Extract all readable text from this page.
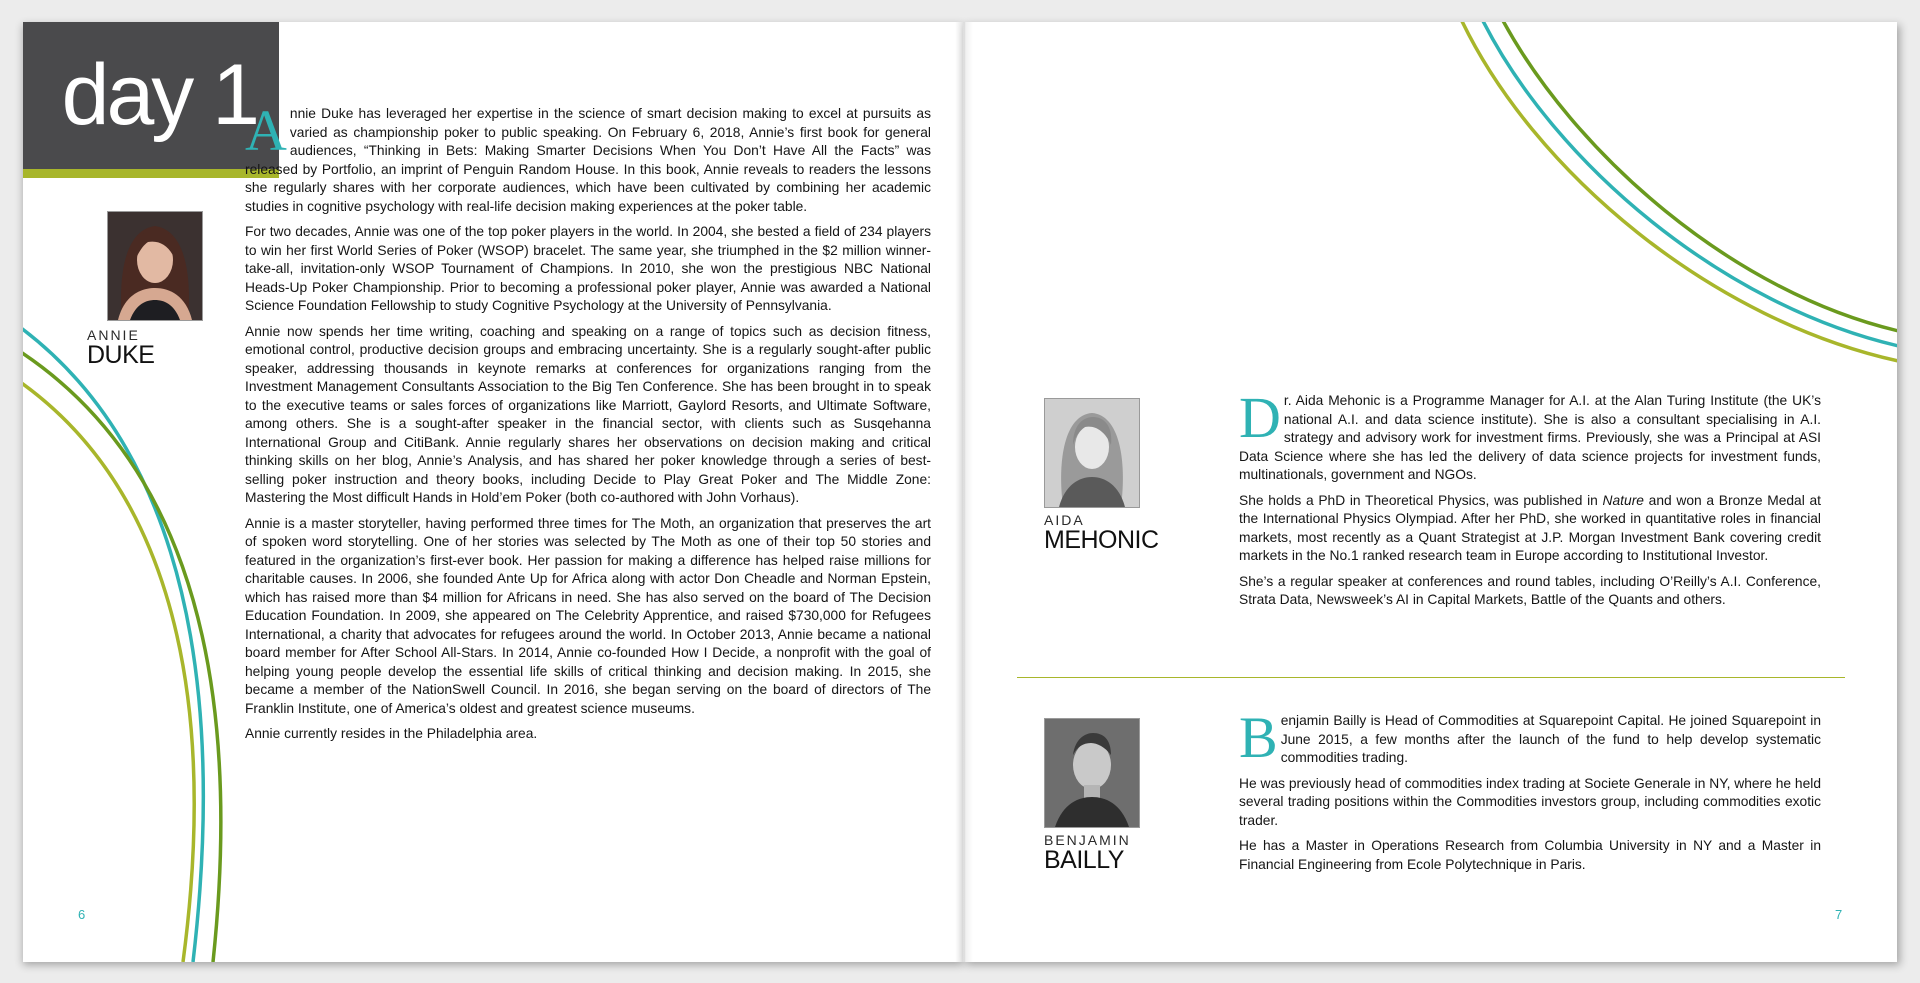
day 1
ANNIE
DUKE

Annie Duke has leveraged her expertise in the science of smart decision making to excel at pursuits as varied as championship poker to public speaking. On February 6, 2018, Annie’s first book for general audiences, “Thinking in Bets: Making Smarter Decisions When You Don’t Have All the Facts” was released by Portfolio, an imprint of Penguin Random House. In this book, Annie reveals to readers the lessons she regularly shares with her corporate audiences, which have been cultivated by combining her academic studies in cognitive psychology with real-life decision making experiences at the poker table.

For two decades, Annie was one of the top poker players in the world. In 2004, she bested a field of 234 players to win her first World Series of Poker (WSOP) bracelet. The same year, she triumphed in the $2 million winner-take-all, invitation-only WSOP Tournament of Champions. In 2010, she won the prestigious NBC National Heads-Up Poker Championship. Prior to becoming a professional poker player, Annie was awarded a National Science Foundation Fellowship to study Cognitive Psychology at the University of Pennsylvania.

Annie now spends her time writing, coaching and speaking on a range of topics such as decision fitness, emotional control, productive decision groups and embracing uncertainty. She is a regularly sought-after public speaker, addressing thousands in keynote remarks at conferences for organizations ranging from the Investment Management Consultants Association to the Big Ten Conference. She has been brought in to speak to the executive teams or sales forces of organizations like Marriott, Gaylord Resorts, and Ultimate Software, among others. She is a sought-after speaker in the financial sector, with clients such as Susqehanna International Group and CitiBank. Annie regularly shares her observations on decision making and critical thinking skills on her blog, Annie’s Analysis, and has shared her poker knowledge through a series of best-selling poker instruction and theory books, including Decide to Play Great Poker and The Middle Zone: Mastering the Most difficult Hands in Hold’em Poker (both co-authored with John Vorhaus).

Annie is a master storyteller, having performed three times for The Moth, an organization that preserves the art of spoken word storytelling. One of her stories was selected by The Moth as one of their top 50 stories and featured in the organization’s first-ever book. Her passion for making a difference has helped raise millions for charitable causes. In 2006, she founded Ante Up for Africa along with actor Don Cheadle and Norman Epstein, which has raised more than $4 million for Africans in need. She has also served on the board of The Decision Education Foundation. In 2009, she appeared on The Celebrity Apprentice, and raised $730,000 for Refugees International, a charity that advocates for refugees around the world. In October 2013, Annie became a national board member for After School All-Stars. In 2014, Annie co-founded How I Decide, a nonprofit with the goal of helping young people develop the essential life skills of critical thinking and decision making. In 2015, she became a member of the NationSwell Council. In 2016, she began serving on the board of directors of The Franklin Institute, one of America’s oldest and greatest science museums.

Annie currently resides in the Philadelphia area.

6
AIDA
MEHONIC

Dr. Aida Mehonic is a Programme Manager for A.I. at the Alan Turing Institute (the UK’s national A.I. and data science institute). She is also a consultant specialising in A.I. strategy and advisory work for investment firms. Previously, she was a Principal at ASI Data Science where she has led the delivery of data science projects for investment funds, multinationals, government and NGOs.

She holds a PhD in Theoretical Physics, was published in Nature and won a Bronze Medal at the International Physics Olympiad. After her PhD, she worked in quantitative roles in financial markets, most recently as a Quant Strategist at J.P. Morgan Investment Bank covering credit markets in the No.1 ranked research team in Europe according to Institutional Investor.

She’s a regular speaker at conferences and round tables, including O’Reilly’s A.I. Conference, Strata Data, Newsweek’s AI in Capital Markets, Battle of the Quants and others.

BENJAMIN
BAILLY

Benjamin Bailly is Head of Commodities at Squarepoint Capital. He joined Squarepoint in June 2015, a few months after the launch of the fund to help develop systematic commodities trading.

He was previously head of commodities index trading at Societe Generale in NY, where he held several trading positions within the Commodities investors group, including commodities exotic trader.

He has a Master in Operations Research from Columbia University in NY and a Master in Financial Engineering from Ecole Polytechnique in Paris.

7
